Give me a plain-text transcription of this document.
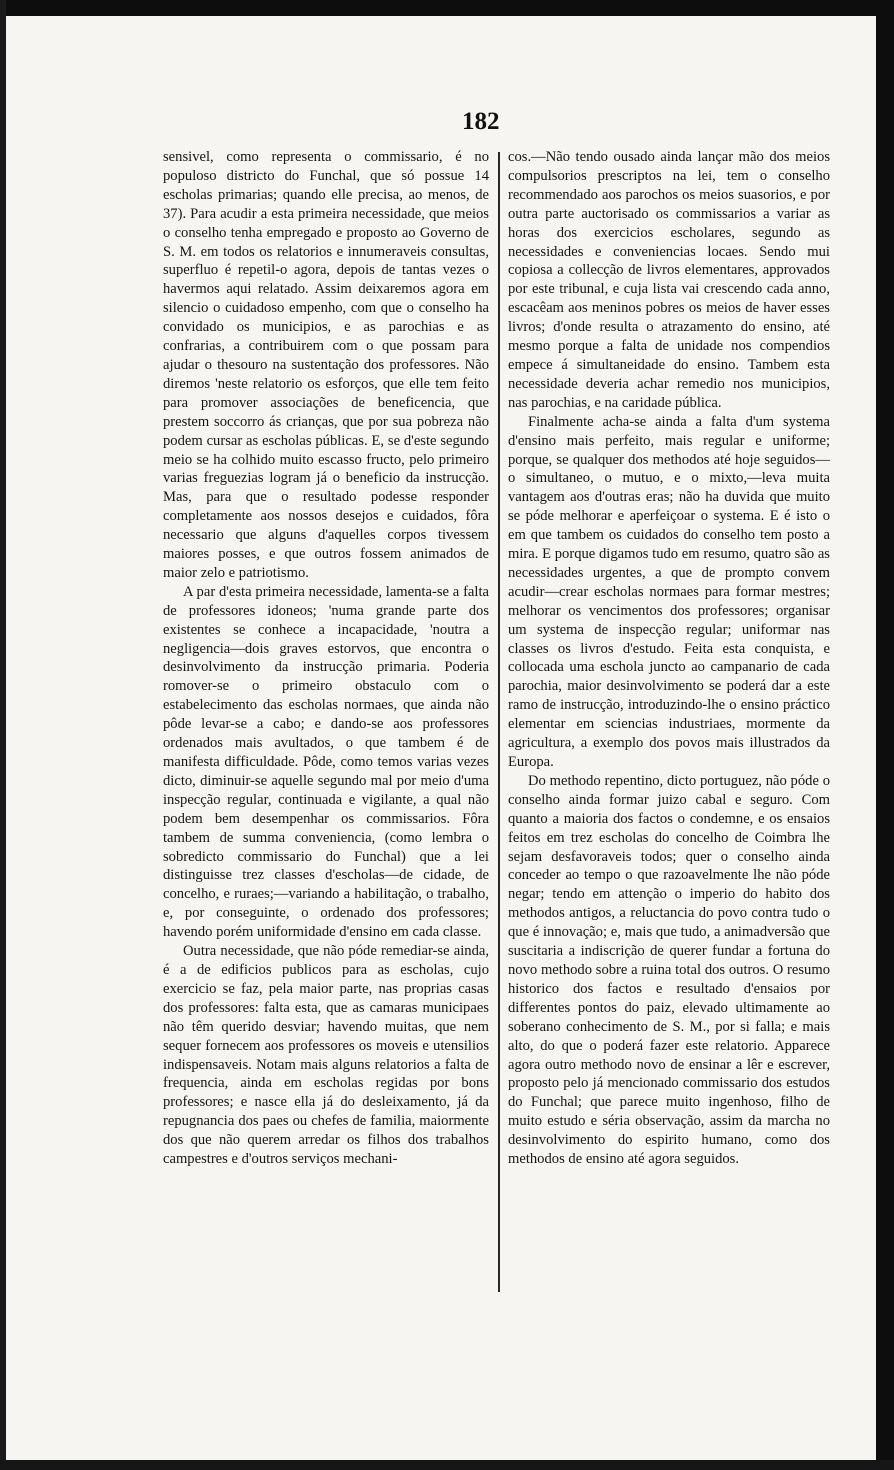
182

sensivel, como representa o commissario, é no populoso districto do Funchal, que só possue 14 escholas primarias; quando elle precisa, ao menos, de 37). Para acudir a esta primeira necessidade, que meios o conselho tenha empregado e proposto ao Governo de S. M. em todos os relatorios e innumeraveis consultas, superfluo é repetil-o agora, depois de tantas vezes o havermos aqui relatado. Assim deixaremos agora em silencio o cuidadoso empenho, com que o conselho ha convidado os municipios, e as parochias e as confrarias, a contribuirem com o que possam para ajudar o thesouro na sustentação dos professores. Não diremos 'neste relatorio os esforços, que elle tem feito para promover associações de beneficencia, que prestem soccorro ás crianças, que por sua pobreza não podem cursar as escholas públicas. E, se d'este segundo meio se ha colhido muito escasso fructo, pelo primeiro varias freguezias logram já o beneficio da instrucção. Mas, para que o resultado podesse responder completamente aos nossos desejos e cuidados, fôra necessario que alguns d'aquelles corpos tivessem maiores posses, e que outros fossem animados de maior zelo e patriotismo.

A par d'esta primeira necessidade, lamenta-se a falta de professores idoneos; 'numa grande parte dos existentes se conhece a incapacidade, 'noutra a negligencia—dois graves estorvos, que encontra o desinvolvimento da instrucção primaria. Poderia romover-se o primeiro obstaculo com o estabelecimento das escholas normaes, que ainda não pôde levar-se a cabo; e dando-se aos professores ordenados mais avultados, o que tambem é de manifesta difficuldade. Pôde, como temos varias vezes dicto, diminuir-se aquelle segundo mal por meio d'uma inspecção regular, continuada e vigilante, a qual não podem bem desempenhar os commissarios. Fôra tambem de summa conveniencia, (como lembra o sobredicto commissario do Funchal) que a lei distinguisse trez classes d'escholas—de cidade, de concelho, e ruraes;—variando a habilitação, o trabalho, e, por conseguinte, o ordenado dos professores; havendo porém uniformidade d'ensino em cada classe.

Outra necessidade, que não póde remediar-se ainda, é a de edificios publicos para as escholas, cujo exercicio se faz, pela maior parte, nas proprias casas dos professores: falta esta, que as camaras municipaes não têm querido desviar; havendo muitas, que nem sequer fornecem aos professores os moveis e utensilios indispensaveis. Notam mais alguns relatorios a falta de frequencia, ainda em escholas regidas por bons professores; e nasce ella já do desleixamento, já da repugnancia dos paes ou chefes de familia, maiormente dos que não querem arredar os filhos dos trabalhos campestres e d'outros serviços mechani-

cos.—Não tendo ousado ainda lançar mão dos meios compulsorios prescriptos na lei, tem o conselho recommendado aos parochos os meios suasorios, e por outra parte auctorisado os commissarios a variar as horas dos exercicios escholares, segundo as necessidades e conveniencias locaes. Sendo mui copiosa a collecção de livros elementares, approvados por este tribunal, e cuja lista vai crescendo cada anno, escacêam aos meninos pobres os meios de haver esses livros; d'onde resulta o atrazamento do ensino, até mesmo porque a falta de unidade nos compendios empece á simultaneidade do ensino. Tambem esta necessidade deveria achar remedio nos municipios, nas parochias, e na caridade pública.

Finalmente acha-se ainda a falta d'um systema d'ensino mais perfeito, mais regular e uniforme; porque, se qualquer dos methodos até hoje seguidos—o simultaneo, o mutuo, e o mixto,—leva muita vantagem aos d'outras eras; não ha duvida que muito se póde melhorar e aperfeiçoar o systema. E é isto o em que tambem os cuidados do conselho tem posto a mira. E porque digamos tudo em resumo, quatro são as necessidades urgentes, a que de prompto convem acudir—crear escholas normaes para formar mestres; melhorar os vencimentos dos professores; organisar um systema de inspecção regular; uniformar nas classes os livros d'estudo. Feita esta conquista, e collocada uma eschola juncto ao campanario de cada parochia, maior desinvolvimento se poderá dar a este ramo de instrucção, introduzindo-lhe o ensino práctico elementar em sciencias industriaes, mormente da agricultura, a exemplo dos povos mais illustrados da Europa.

Do methodo repentino, dicto portuguez, não póde o conselho ainda formar juizo cabal e seguro. Com quanto a maioria dos factos o condemne, e os ensaios feitos em trez escholas do concelho de Coimbra lhe sejam desfavoraveis todos; quer o conselho ainda conceder ao tempo o que razoavelmente lhe não póde negar; tendo em attenção o imperio do habito dos methodos antigos, a reluctancia do povo contra tudo o que é innovação; e, mais que tudo, a animadversão que suscitaria a indiscrição de querer fundar a fortuna do novo methodo sobre a ruina total dos outros. O resumo historico dos factos e resultado d'ensaios por differentes pontos do paiz, elevado ultimamente ao soberano conhecimento de S. M., por si falla; e mais alto, do que o poderá fazer este relatorio. Apparece agora outro methodo novo de ensinar a lêr e escrever, proposto pelo já mencionado commissario dos estudos do Funchal; que parece muito ingenhoso, filho de muito estudo e séria observação, assim da marcha no desinvolvimento do espirito humano, como dos methodos de ensino até agora seguidos.
